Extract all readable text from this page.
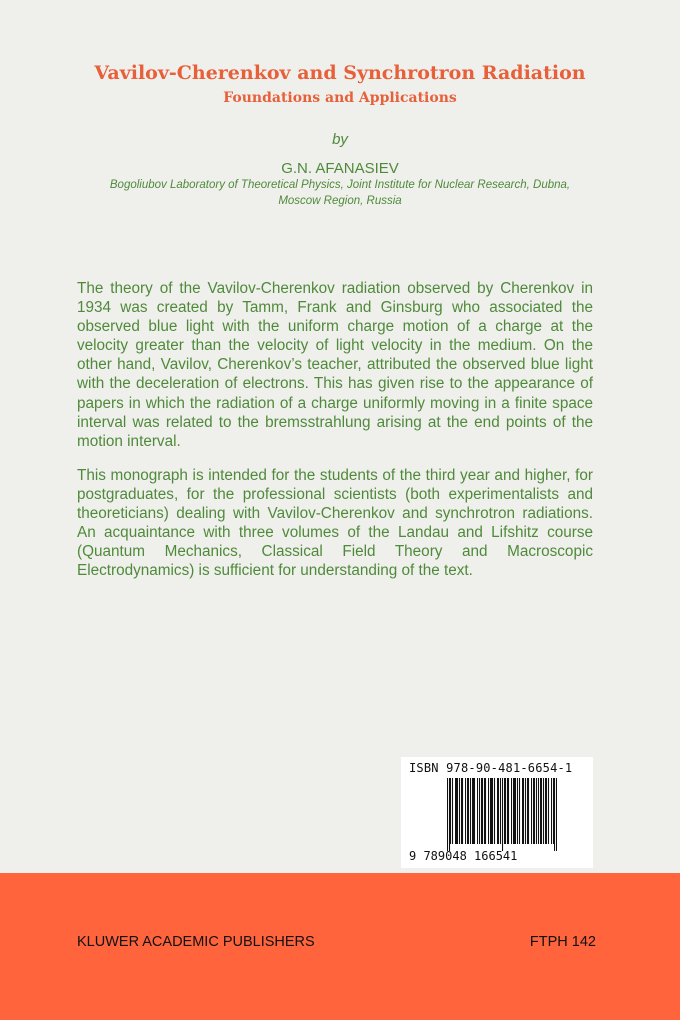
Vavilov-Cherenkov and Synchrotron Radiation
Foundations and Applications
by
G.N. AFANASIEV
Bogoliubov Laboratory of Theoretical Physics, Joint Institute for Nuclear Research, Dubna, Moscow Region, Russia

The theory of the Vavilov-Cherenkov radiation observed by Cherenkov in 1934 was created by Tamm, Frank and Ginsburg who associated the observed blue light with the uniform charge motion of a charge at the velocity greater than the velocity of light velocity in the medium. On the other hand, Vavilov, Cherenkov’s teacher, attributed the observed blue light with the deceleration of electrons. This has given rise to the appearance of papers in which the radiation of a charge uniformly moving in a finite space interval was related to the bremsstrahlung arising at the end points of the motion interval.

This monograph is intended for the students of the third year and higher, for postgraduates, for the professional scientists (both experimentalists and theoreticians) dealing with Vavilov-Cherenkov and synchrotron radiations. An acquaintance with three volumes of the Landau and Lifshitz course (Quantum Mechanics, Classical Field Theory and Macroscopic Electrodynamics) is sufficient for understanding of the text.

ISBN 978-90-481-6654-1
9 789048 166541
KLUWER ACADEMIC PUBLISHERS	FTPH 142
